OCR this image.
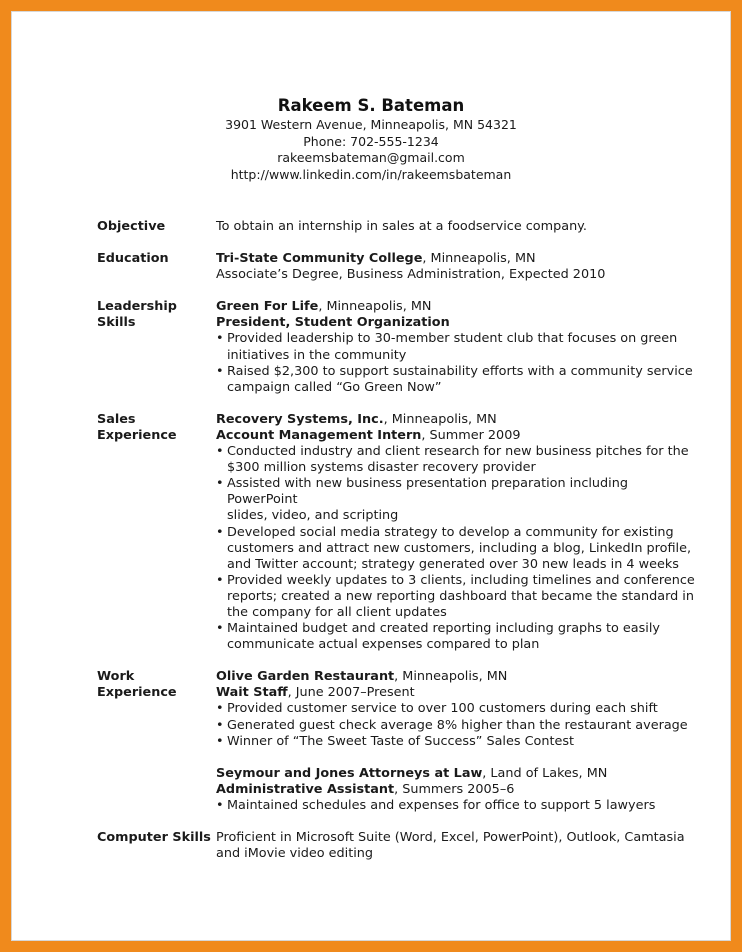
Rakeem S. Bateman
3901 Western Avenue, Minneapolis, MN 54321
Phone: 702-555-1234
rakeemsbateman@gmail.com
http://www.linkedin.com/in/rakeemsbateman
Objective	To obtain an internship in sales at a foodservice company.
Education	Tri-State Community College, Minneapolis, MN
Associate’s Degree, Business Administration, Expected 2010
Leadership Skills
Green For Life, Minneapolis, MN
President, Student Organization
• Provided leadership to 30-member student club that focuses on green
initiatives in the community
• Raised $2,300 to support sustainability efforts with a community service
campaign called “Go Green Now”
Sales
Experience
Recovery Systems, Inc., Minneapolis, MN
Account Management Intern, Summer 2009
• Conducted industry and client research for new business pitches for the
$300 million systems disaster recovery provider
• Assisted with new business presentation preparation including PowerPoint
slides, video, and scripting
• Developed social media strategy to develop a community for existing
customers and attract new customers, including a blog, LinkedIn profile,
and Twitter account; strategy generated over 30 new leads in 4 weeks
• Provided weekly updates to 3 clients, including timelines and conference
reports; created a new reporting dashboard that became the standard in
the company for all client updates
• Maintained budget and created reporting including graphs to easily
communicate actual expenses compared to plan
Work Experience
Olive Garden Restaurant, Minneapolis, MN
Wait Staff, June 2007–Present
• Provided customer service to over 100 customers during each shift
• Generated guest check average 8% higher than the restaurant average
• Winner of “The Sweet Taste of Success” Sales Contest
Seymour and Jones Attorneys at Law, Land of Lakes, MN
Administrative Assistant, Summers 2005–6
• Maintained schedules and expenses for office to support 5 lawyers
Computer Skills Proficient in Microsoft Suite (Word, Excel, PowerPoint), Outlook, Camtasia
and iMovie video editing
